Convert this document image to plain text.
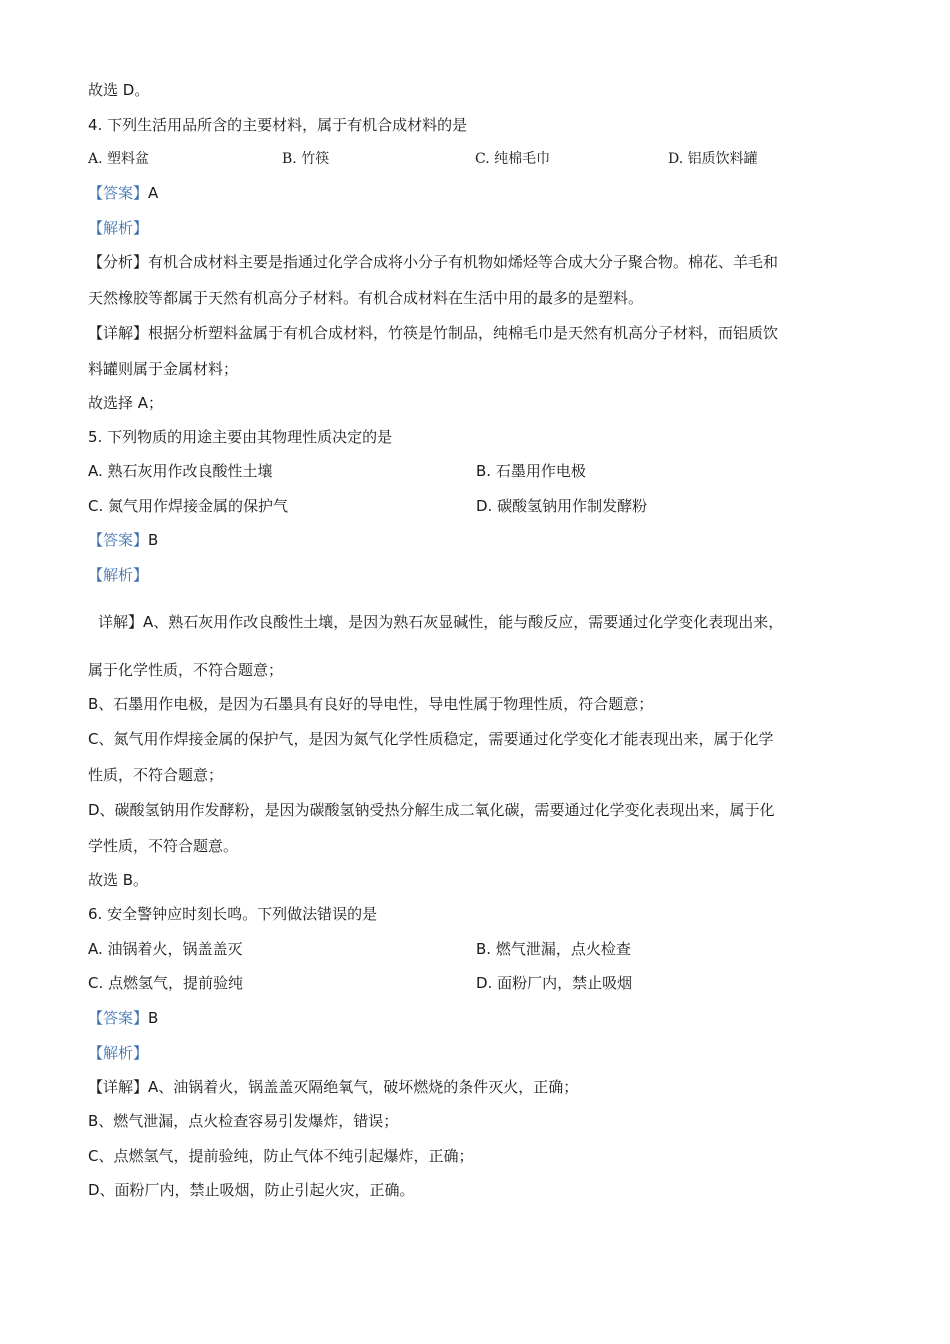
故选 D。
4. 下列生活用品所含的主要材料，属于有机合成材料的是
A. 塑料盆	B. 竹筷	C. 纯棉毛巾	D. 铝质饮料罐
【答案】A
【解析】
【分析】有机合成材料主要是指通过化学合成将小分子有机物如烯烃等合成大分子聚合物。棉花、羊毛和
天然橡胶等都属于天然有机高分子材料。有机合成材料在生活中用的最多的是塑料。
【详解】根据分析塑料盆属于有机合成材料，竹筷是竹制品，纯棉毛巾是天然有机高分子材料，而铝质饮
料罐则属于金属材料；
故选择 A；
5. 下列物质的用途主要由其物理性质决定的是
A. 熟石灰用作改良酸性土壤	B. 石墨用作电极
C. 氮气用作焊接金属的保护气	D. 碳酸氢钠用作制发酵粉
【答案】B
【解析】
详解】A、熟石灰用作改良酸性土壤，是因为熟石灰显碱性，能与酸反应，需要通过化学变化表现出来，
属于化学性质，不符合题意；
B、石墨用作电极，是因为石墨具有良好的导电性，导电性属于物理性质，符合题意；
C、氮气用作焊接金属的保护气，是因为氮气化学性质稳定，需要通过化学变化才能表现出来，属于化学
性质，不符合题意；
D、碳酸氢钠用作发酵粉，是因为碳酸氢钠受热分解生成二氧化碳，需要通过化学变化表现出来，属于化
学性质，不符合题意。
故选 B。
6. 安全警钟应时刻长鸣。下列做法错误的是
A. 油锅着火，锅盖盖灭	B. 燃气泄漏，点火检查
C. 点燃氢气，提前验纯	D. 面粉厂内，禁止吸烟
【答案】B
【解析】
【详解】A、油锅着火，锅盖盖灭隔绝氧气，破坏燃烧的条件灭火，正确；
B、燃气泄漏，点火检查容易引发爆炸，错误；
C、点燃氢气，提前验纯，防止气体不纯引起爆炸，正确；
D、面粉厂内，禁止吸烟，防止引起火灾，正确。
